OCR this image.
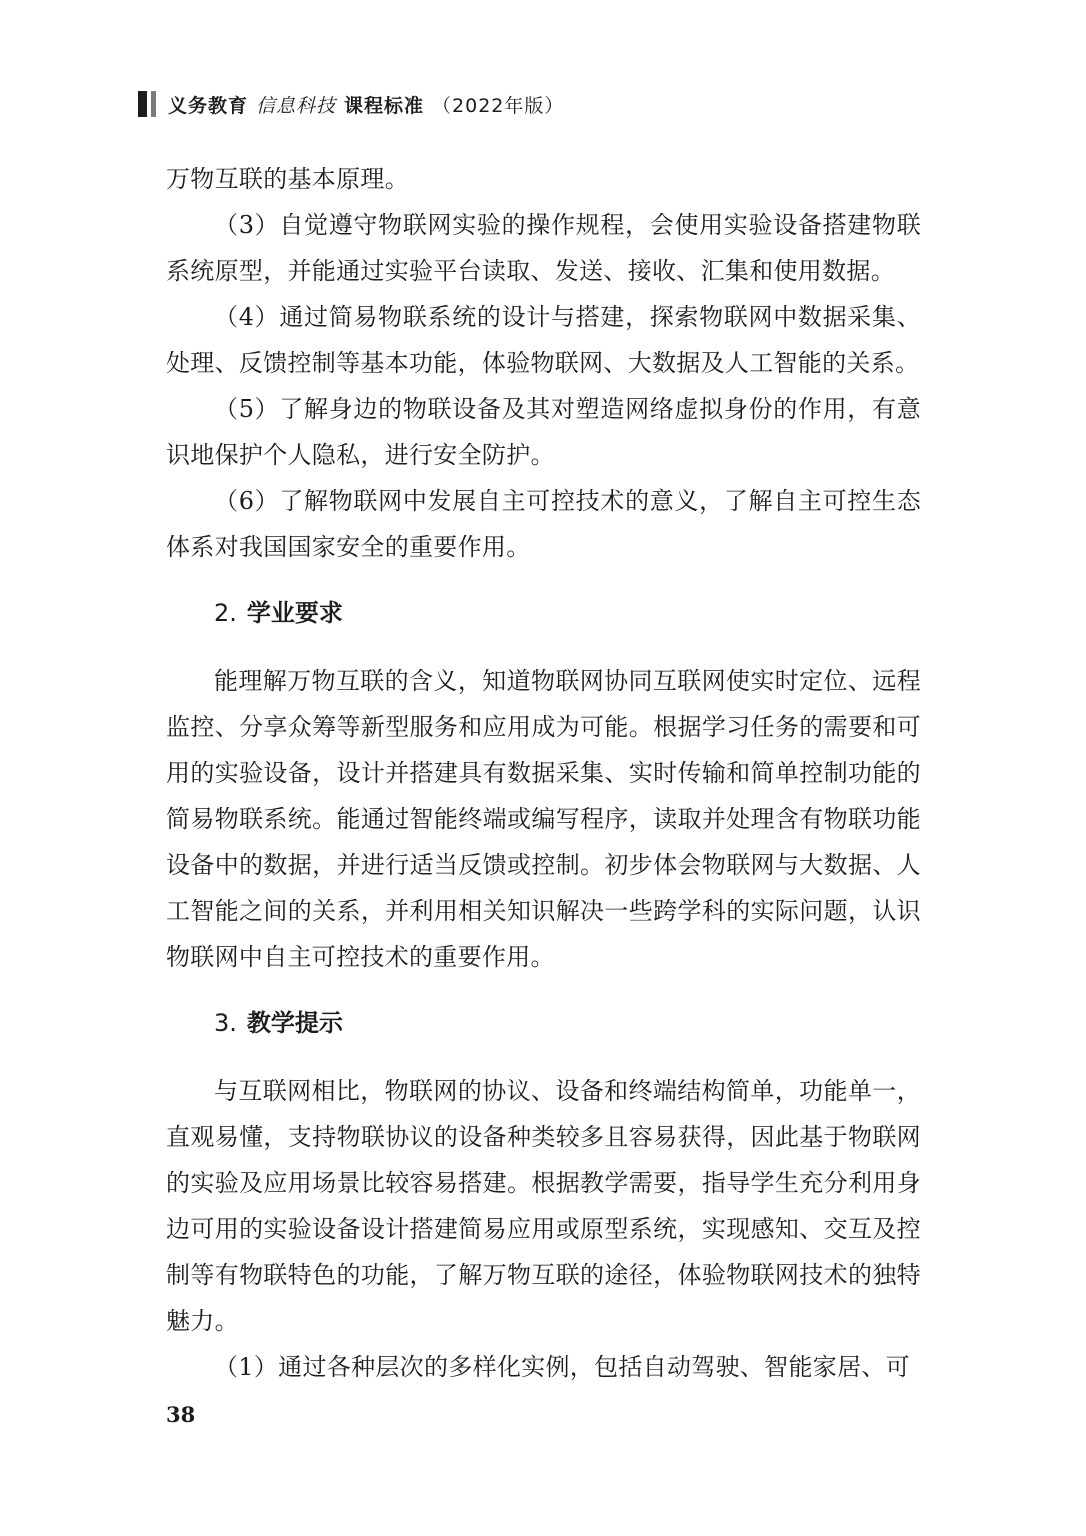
义务教育 信息科技 课程标准 （2022年版）

万物互联的基本原理。

（3）自觉遵守物联网实验的操作规程，会使用实验设备搭建物联系统原型，并能通过实验平台读取、发送、接收、汇集和使用数据。

（4）通过简易物联系统的设计与搭建，探索物联网中数据采集、处理、反馈控制等基本功能，体验物联网、大数据及人工智能的关系。

（5）了解身边的物联设备及其对塑造网络虚拟身份的作用，有意识地保护个人隐私，进行安全防护。

（6）了解物联网中发展自主可控技术的意义，了解自主可控生态体系对我国国家安全的重要作用。

2. 学业要求

能理解万物互联的含义，知道物联网协同互联网使实时定位、远程监控、分享众筹等新型服务和应用成为可能。根据学习任务的需要和可用的实验设备，设计并搭建具有数据采集、实时传输和简单控制功能的简易物联系统。能通过智能终端或编写程序，读取并处理含有物联功能设备中的数据，并进行适当反馈或控制。初步体会物联网与大数据、人工智能之间的关系，并利用相关知识解决一些跨学科的实际问题，认识物联网中自主可控技术的重要作用。

3. 教学提示

与互联网相比，物联网的协议、设备和终端结构简单，功能单一，直观易懂，支持物联协议的设备种类较多且容易获得，因此基于物联网的实验及应用场景比较容易搭建。根据教学需要，指导学生充分利用身边可用的实验设备设计搭建简易应用或原型系统，实现感知、交互及控制等有物联特色的功能，了解万物互联的途径，体验物联网技术的独特魅力。

（1）通过各种层次的多样化实例，包括自动驾驶、智能家居、可

38
